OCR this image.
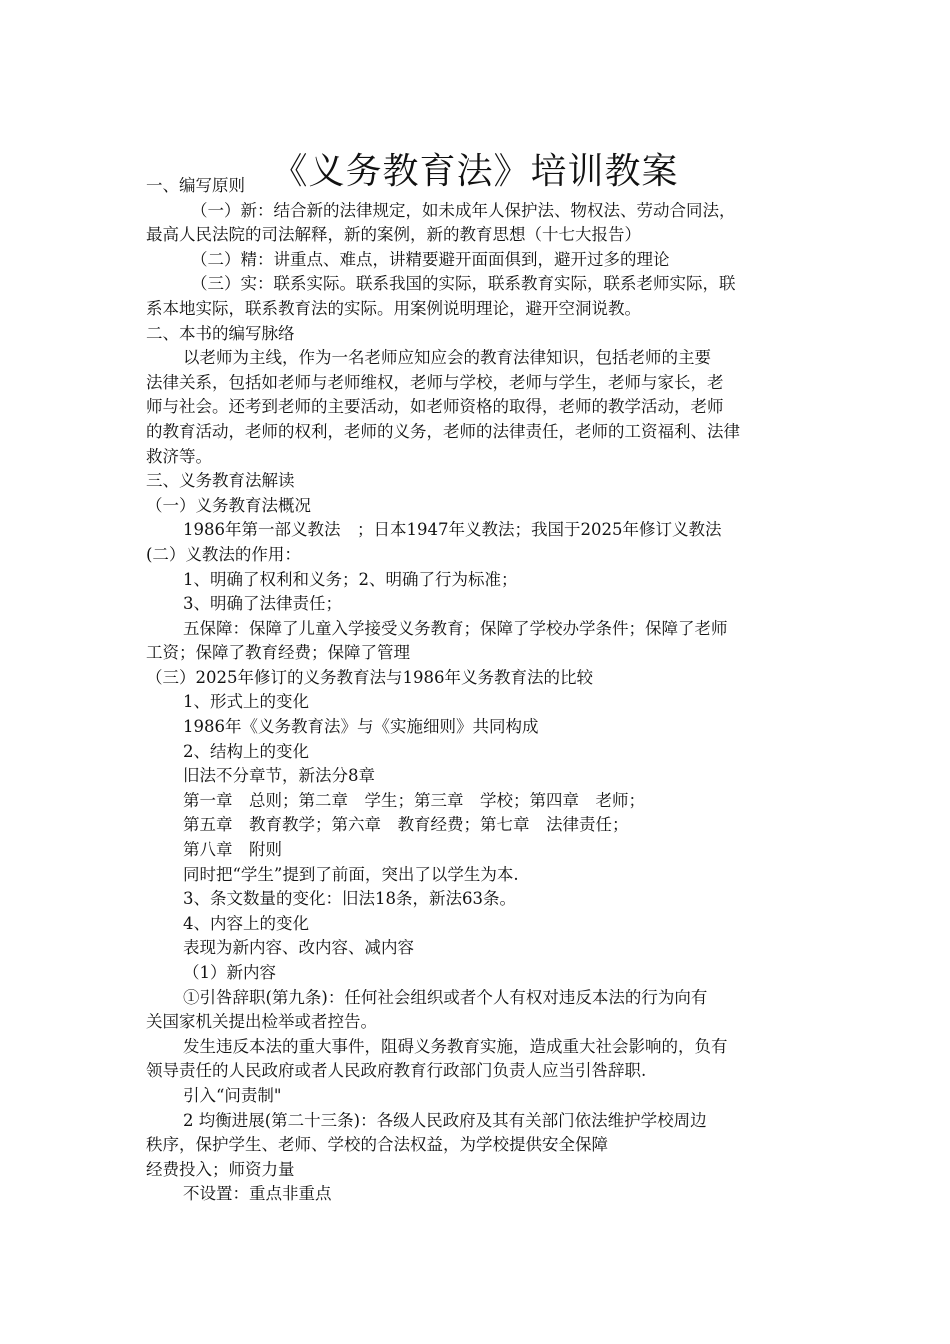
《义务教育法》培训教案
一、编写原则
（一）新：结合新的法律规定，如未成年人保护法、物权法、劳动合同法，
最高人民法院的司法解释，新的案例，新的教育思想（十七大报告）
（二）精：讲重点、难点，讲精要避开面面俱到，避开过多的理论
（三）实：联系实际。联系我国的实际，联系教育实际，联系老师实际，联
系本地实际，联系教育法的实际。用案例说明理论，避开空洞说教。
二、本书的编写脉络
以老师为主线，作为一名老师应知应会的教育法律知识，包括老师的主要
法律关系，包括如老师与老师维权，老师与学校，老师与学生，老师与家长，老
师与社会。还考到老师的主要活动，如老师资格的取得，老师的教学活动，老师
的教育活动，老师的权利，老师的义务，老师的法律责任，老师的工资福利、法律
救济等。
三、义务教育法解读
（一）义务教育法概况
1986年第一部义教法　；日本1947年义教法；我国于2025年修订义教法
(二）义教法的作用：
1、明确了权利和义务；2、明确了行为标准；
3、明确了法律责任；
五保障：保障了儿童入学接受义务教育；保障了学校办学条件；保障了老师
工资；保障了教育经费；保障了管理
（三）2025年修订的义务教育法与1986年义务教育法的比较
1、形式上的变化
1986年《义务教育法》与《实施细则》共同构成
2、结构上的变化
旧法不分章节，新法分8章
第一章　总则；第二章　学生；第三章　学校；第四章　老师；
第五章　教育教学；第六章　教育经费；第七章　法律责任；
第八章　附则
同时把“学生”提到了前面，突出了以学生为本.
3、条文数量的变化：旧法18条，新法63条。
4、内容上的变化
表现为新内容、改内容、减内容
（1）新内容
①引咎辞职(第九条)：任何社会组织或者个人有权对违反本法的行为向有
关国家机关提出检举或者控告。
发生违反本法的重大事件，阻碍义务教育实施，造成重大社会影响的，负有
领导责任的人民政府或者人民政府教育行政部门负责人应当引咎辞职.
引入“问责制"
2 均衡进展(第二十三条)：各级人民政府及其有关部门依法维护学校周边
秩序，保护学生、老师、学校的合法权益，为学校提供安全保障
经费投入；师资力量
不设置：重点非重点
